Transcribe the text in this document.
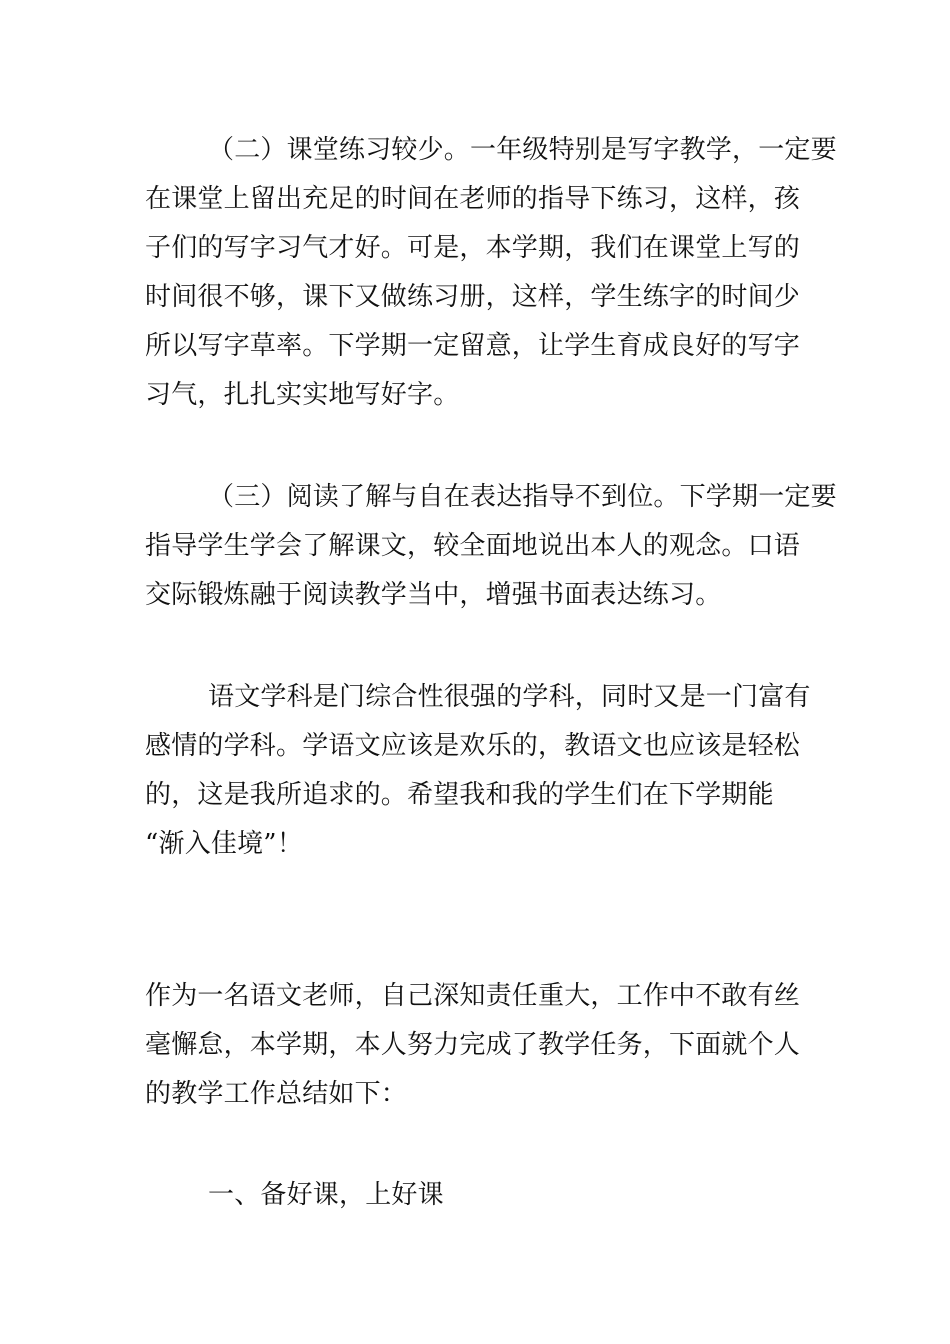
（二）课堂练习较少。一年级特别是写字教学，一定要
在课堂上留出充足的时间在老师的指导下练习，这样，孩
子们的写字习气才好。可是，本学期，我们在课堂上写的
时间很不够，课下又做练习册，这样，学生练字的时间少
所以写字草率。下学期一定留意，让学生育成良好的写字
习气，扎扎实实地写好字。
（三）阅读了解与自在表达指导不到位。下学期一定要
指导学生学会了解课文，较全面地说出本人的观念。口语
交际锻炼融于阅读教学当中，增强书面表达练习。
语文学科是门综合性很强的学科，同时又是一门富有
感情的学科。学语文应该是欢乐的，教语文也应该是轻松
的，这是我所追求的。希望我和我的学生们在下学期能
“渐入佳境”！
作为一名语文老师，自己深知责任重大，工作中不敢有丝
毫懈怠，本学期，本人努力完成了教学任务，下面就个人
的教学工作总结如下：
一、备好课，上好课
